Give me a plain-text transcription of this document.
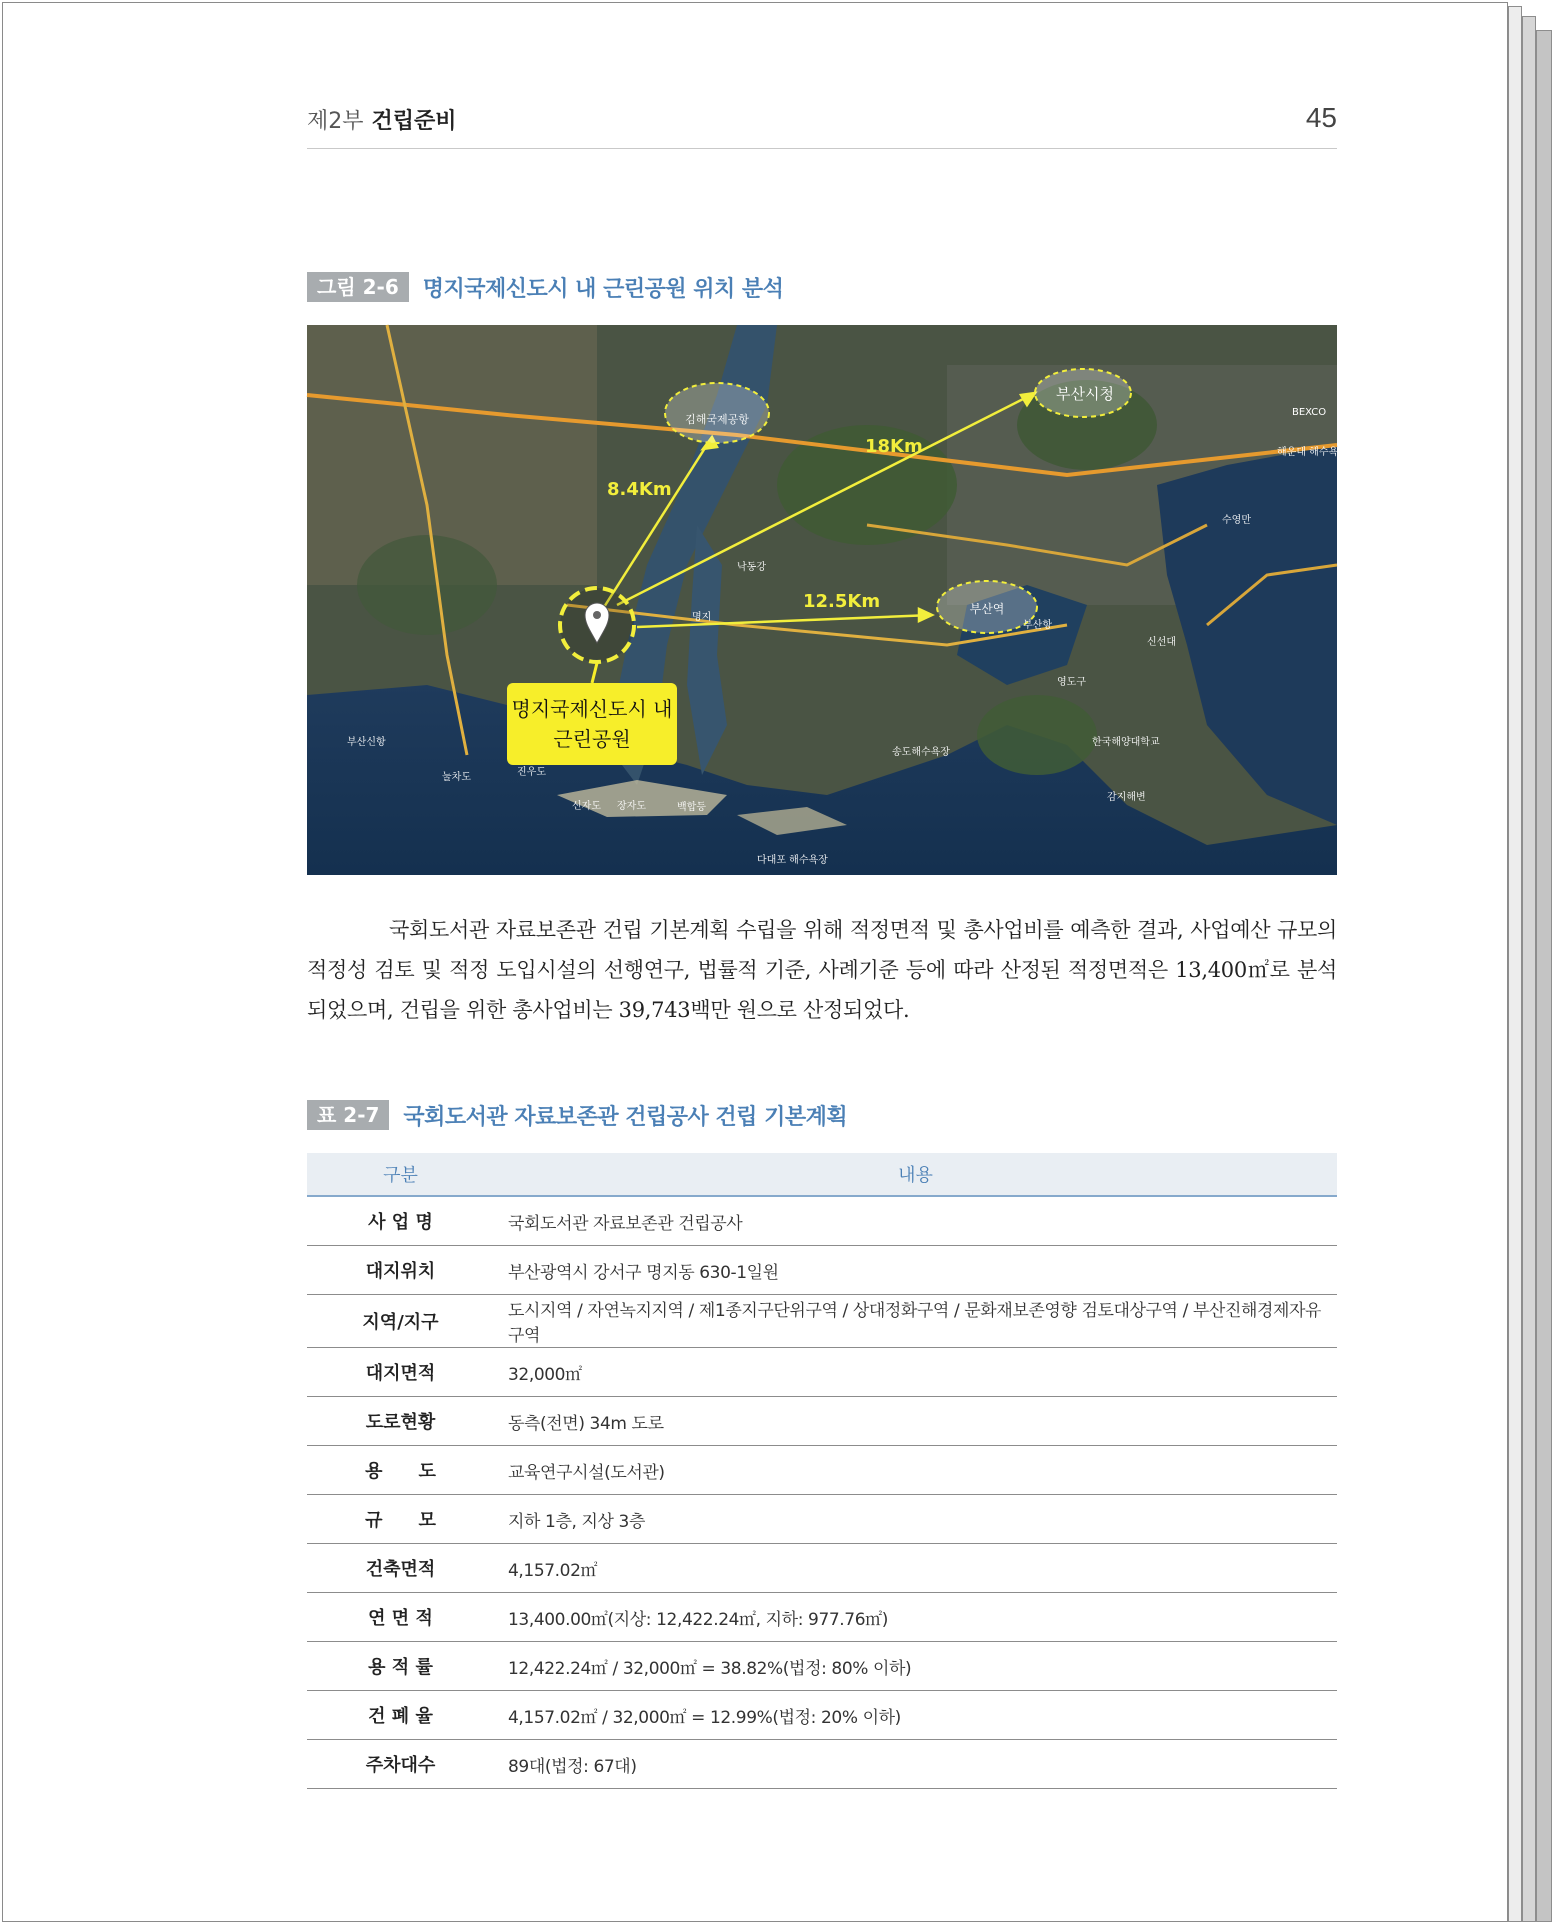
제2부 건립준비	45
그림 2-6	명지국제신도시 내 근린공원 위치 분석
명지국제신도시 내
근린공원
8.4Km
18Km
12.5Km
김해국제공항
부산시청
부산역
부산항
신선대
영도구
한국해양대학교
수영만
해운대 해수욕장
감지해변
백합등
다대포 해수욕장
장자도
신자도
진우도
눌차도
낙동강
BEXCO
명지
송도해수욕장
부산신항
국회도서관 자료보존관 건립 기본계획 수립을 위해 적정면적 및 총사업비를 예측한 결과, 사업예산 규모의 적정성 검토 및 적정 도입시설의 선행연구, 법률적 기준, 사례기준 등에 따라 산정된 적정면적은 13,400㎡로 분석되었으며, 건립을 위한 총사업비는 39,743백만 원으로 산정되었다.
표 2-7	국회도서관 자료보존관 건립공사 건립 기본계획
구분	내용
사 업 명	국회도서관 자료보존관 건립공사
대지위치	부산광역시 강서구 명지동 630-1일원
지역/지구	도시지역 / 자연녹지지역 / 제1종지구단위구역 / 상대정화구역 / 문화재보존영향 검토대상구역 / 부산진해경제자유구역
대지면적	32,000㎡
도로현황	동측(전면) 34m 도로
용　　도	교육연구시설(도서관)
규　　모	지하 1층, 지상 3층
건축면적	4,157.02㎡
연 면 적	13,400.00㎡(지상: 12,422.24㎡, 지하: 977.76㎡)
용 적 률	12,422.24㎡ / 32,000㎡ = 38.82%(법정: 80% 이하)
건 폐 율	4,157.02㎡ / 32,000㎡ = 12.99%(법정: 20% 이하)
주차대수	89대(법정: 67대)
